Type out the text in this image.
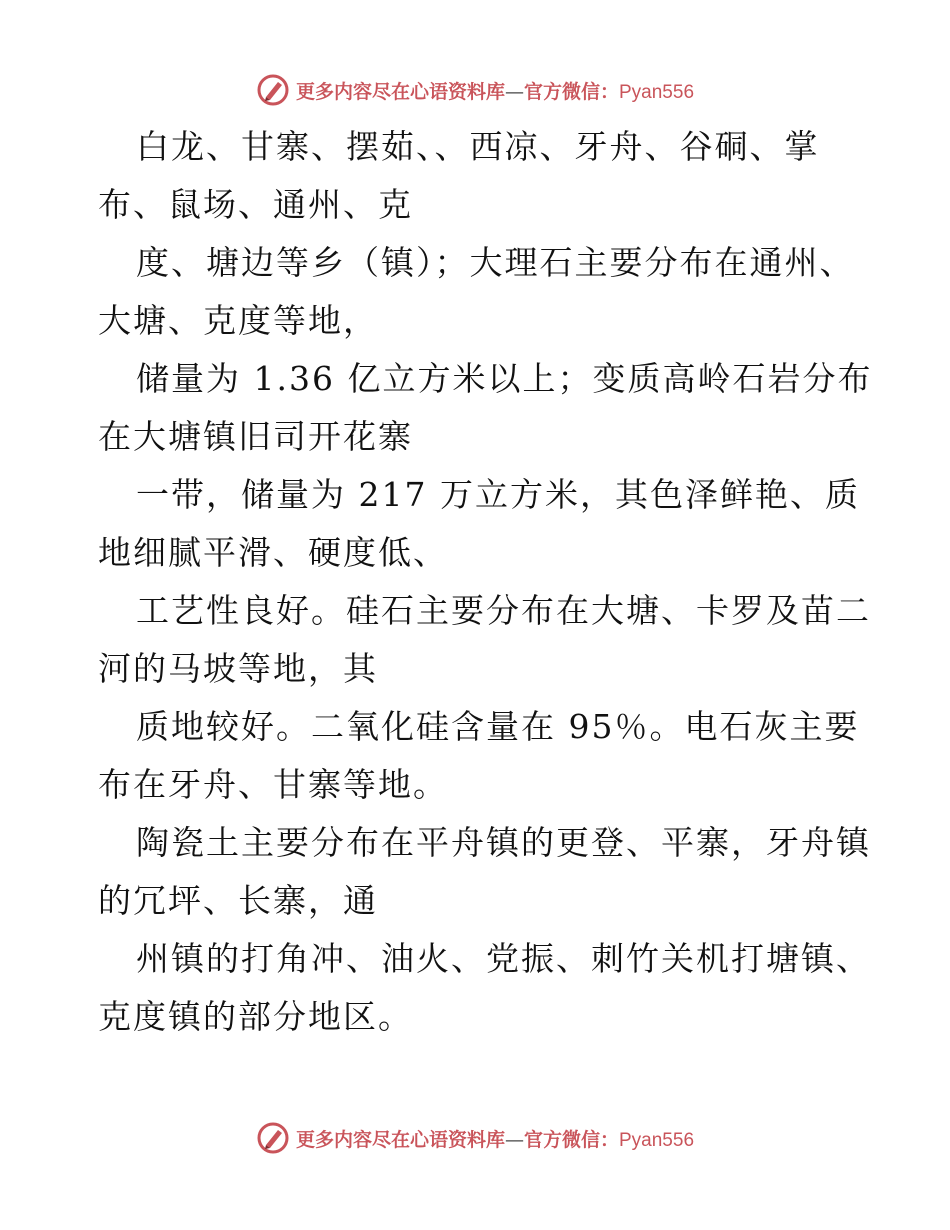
更多内容尽在心语资料库—官方微信：Pyan556

白龙、甘寨、摆茹、、西凉、牙舟、谷硐、掌
布、鼠场、通州、克

度、塘边等乡（镇）；大理石主要分布在通州、
大塘、克度等地，

储量为 1.36 亿立方米以上；变质高岭石岩分布
在大塘镇旧司开花寨

一带，储量为 217 万立方米，其色泽鲜艳、质
地细腻平滑、硬度低、

工艺性良好。硅石主要分布在大塘、卡罗及苗二
河的马坡等地，其

质地较好。二氧化硅含量在 95％。电石灰主要
布在牙舟、甘寨等地。

陶瓷土主要分布在平舟镇的更登、平寨，牙舟镇
的冗坪、长寨，通

州镇的打角冲、油火、党振、刺竹关机打塘镇、
克度镇的部分地区。

更多内容尽在心语资料库—官方微信：Pyan556
